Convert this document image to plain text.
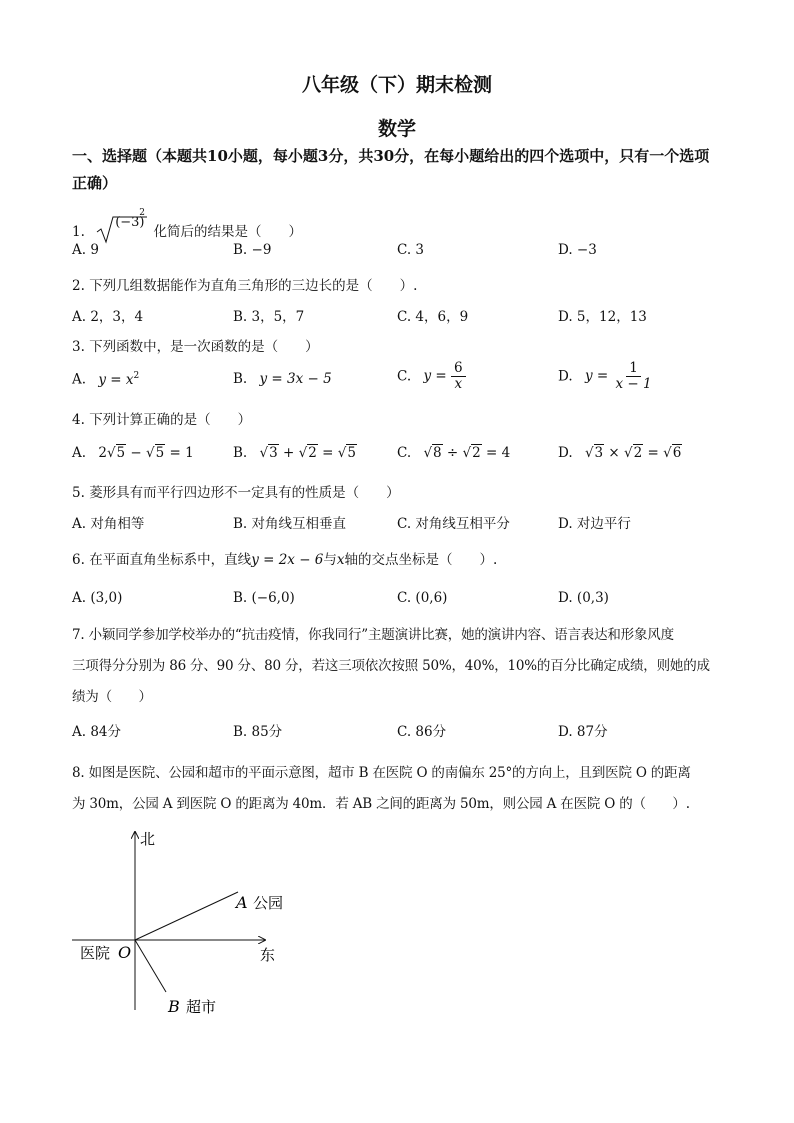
八年级（下）期末检测
数学
一、选择题（本题共10小题，每小题3分，共30分，在每小题给出的四个选项中，只有一个选项正确）
1.
(−3)
2
化简后的结果是（　　）
A. 9	B. −9	C. 3	D. −3
2. 下列几组数据能作为直角三角形的三边长的是（　　）.
A. 2，3，4	B. 3，5，7	C. 4，6，9	D. 5，12，13
3. 下列函数中，是一次函数的是（　　）
A. $y = x^2$	B. y = 3x − 5	C. $y = \frac{6}{x}$	D. $y = \frac{1}{x - 1}$
4. 下列计算正确的是（　　）
A. 2√5 − √5 = 1	B. √3 + √2 = √5	C. √8 ÷ √2 = 4	D. √3 × √2 = √6
5. 菱形具有而平行四边形不一定具有的性质是（　　）
A. 对角相等	B. 对角线互相垂直	C. 对角线互相平分	D. 对边平行
6. 在平面直角坐标系中，直线y = 2x − 6与x轴的交点坐标是（　　）.
A. (3,0)	B. (−6,0)	C. (0,6)	D. (0,3)
7. 小颖同学参加学校举办的“抗击疫情，你我同行”主题演讲比赛，她的演讲内容、语言表达和形象风度
三项得分分别为 86 分、90 分、80 分，若这三项依次按照 50%，40%，10%的百分比确定成绩，则她的成
绩为（　　）
A. 84分	B. 85分	C. 86分	D. 87分
8. 如图是医院、公园和超市的平面示意图，超市 B 在医院 O 的南偏东 25°的方向上，且到医院 O 的距离
为 30m，公园 A 到医院 O 的距离为 40m．若 AB 之间的距离为 50m，则公园 A 在医院 O 的（　　）.
北
东
医院 O
A 公园
B 超市
